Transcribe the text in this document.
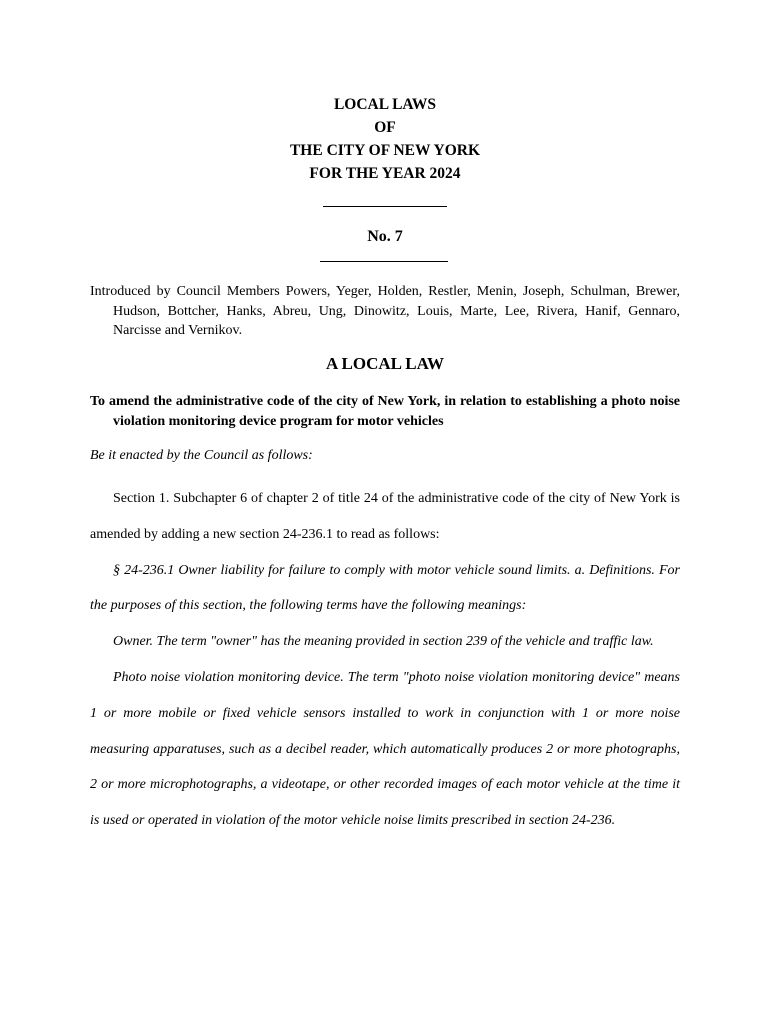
LOCAL LAWS
OF
THE CITY OF NEW YORK
FOR THE YEAR 2024
No. 7
Introduced by Council Members Powers, Yeger, Holden, Restler, Menin, Joseph, Schulman, Brewer, Hudson, Bottcher, Hanks, Abreu, Ung, Dinowitz, Louis, Marte, Lee, Rivera, Hanif, Gennaro, Narcisse and Vernikov.
A LOCAL LAW
To amend the administrative code of the city of New York, in relation to establishing a photo noise violation monitoring device program for motor vehicles
Be it enacted by the Council as follows:

Section 1. Subchapter 6 of chapter 2 of title 24 of the administrative code of the city of New York is amended by adding a new section 24-236.1 to read as follows:

§ 24-236.1 Owner liability for failure to comply with motor vehicle sound limits. a. Definitions. For the purposes of this section, the following terms have the following meanings:

Owner. The term "owner" has the meaning provided in section 239 of the vehicle and traffic law.

Photo noise violation monitoring device. The term "photo noise violation monitoring device" means 1 or more mobile or fixed vehicle sensors installed to work in conjunction with 1 or more noise measuring apparatuses, such as a decibel reader, which automatically produces 2 or more photographs, 2 or more microphotographs, a videotape, or other recorded images of each motor vehicle at the time it is used or operated in violation of the motor vehicle noise limits prescribed in section 24-236.
